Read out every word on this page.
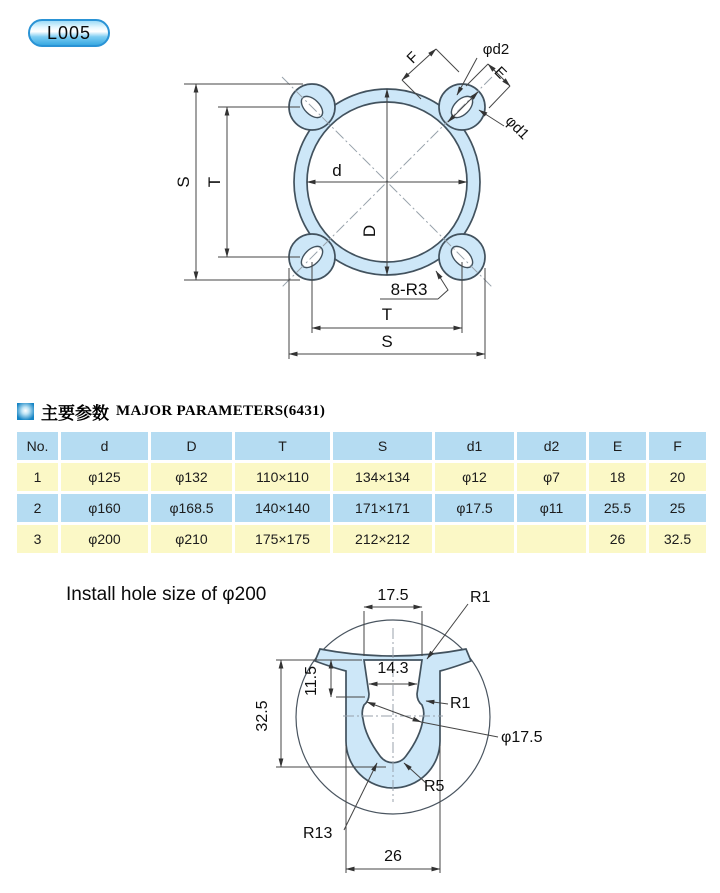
L005
S T
d
D
F	φd2
E
φd1
8-R3
T
S
主要参数 MAJOR PARAMETERS(6431)
No.	d	D	T	S	d1	d2	E	F
1	φ125	φ132	110×110	134×134	φ12	φ7	18	20
2	φ160	φ168.5	140×140	171×171	φ17.5	φ11	25.5	25
3	φ200	φ210	175×175	212×212			26	32.5
Install hole size of φ200	17.5	R1
11.5	14.3
R1
32.5
φ17.5
R5
R13
26
